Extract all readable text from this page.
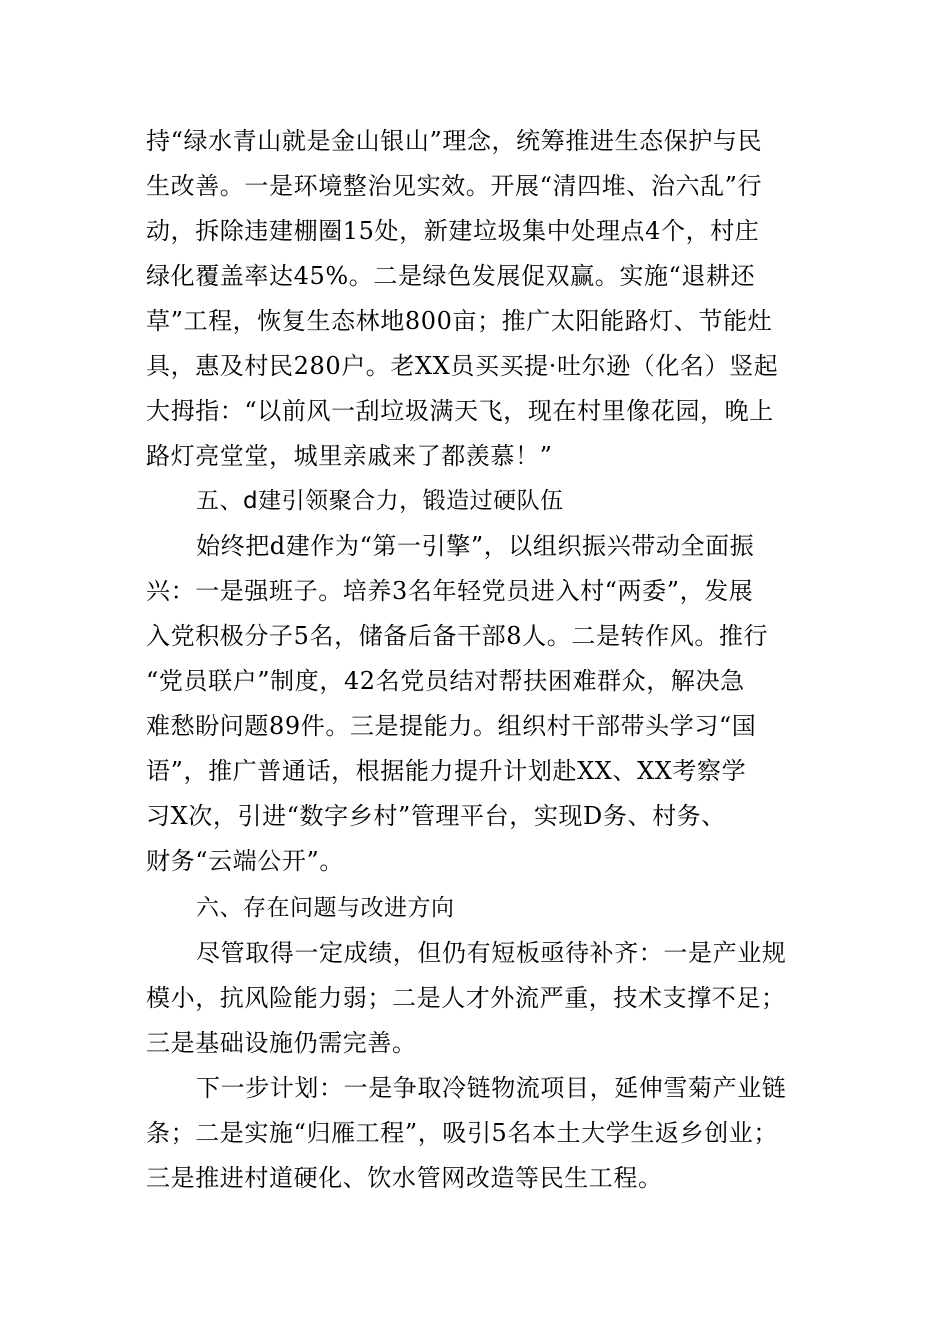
持“绿水青山就是金山银山”理念，统筹推进生态保护与民
生改善。一是环境整治见实效。开展“清四堆、治六乱”行
动，拆除违建棚圈15处，新建垃圾集中处理点4个，村庄
绿化覆盖率达45%。二是绿色发展促双赢。实施“退耕还
草”工程，恢复生态林地800亩；推广太阳能路灯、节能灶
具，惠及村民280户。老XX员买买提·吐尔逊（化名）竖起
大拇指：“以前风一刮垃圾满天飞，现在村里像花园，晚上
路灯亮堂堂，城里亲戚来了都羡慕！”
五、d建引领聚合力，锻造过硬队伍
始终把d建作为“第一引擎”，以组织振兴带动全面振
兴：一是强班子。培养3名年轻党员进入村“两委”，发展
入党积极分子5名，储备后备干部8人。二是转作风。推行
“党员联户”制度，42名党员结对帮扶困难群众，解决急
难愁盼问题89件。三是提能力。组织村干部带头学习“国
语”，推广普通话，根据能力提升计划赴XX、XX考察学
习X次，引进“数字乡村”管理平台，实现D务、村务、
财务“云端公开”。
六、存在问题与改进方向
尽管取得一定成绩，但仍有短板亟待补齐：一是产业规
模小，抗风险能力弱；二是人才外流严重，技术支撑不足；
三是基础设施仍需完善。
下一步计划：一是争取冷链物流项目，延伸雪菊产业链
条；二是实施“归雁工程”，吸引5名本土大学生返乡创业；
三是推进村道硬化、饮水管网改造等民生工程。
